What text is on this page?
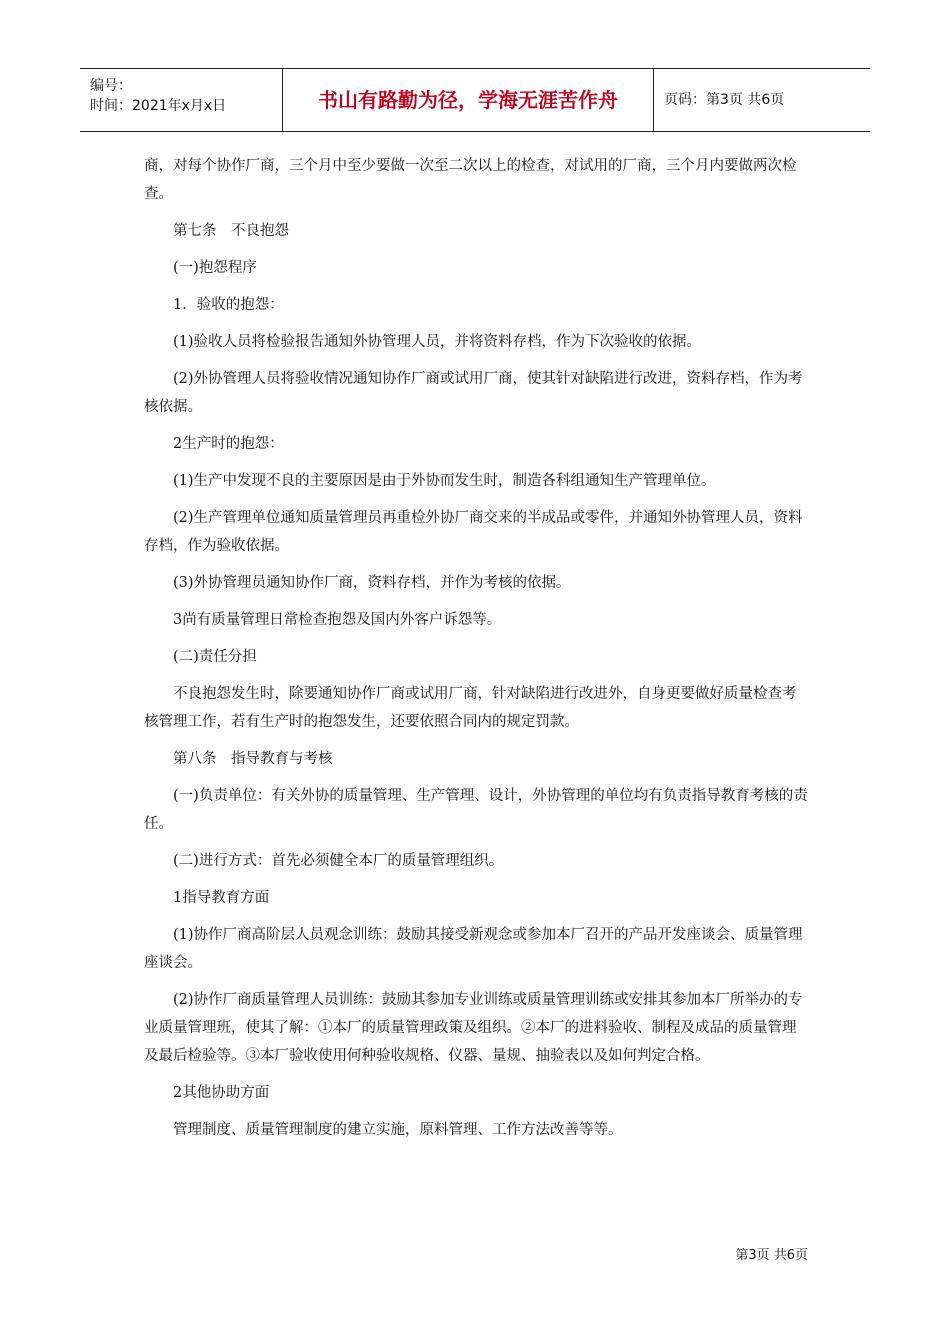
编号：
时间：2021年x月x日	书山有路勤为径，学海无涯苦作舟	页码：第3页 共6页

商，对每个协作厂商，三个月中至少要做一次至二次以上的检查，对试用的厂商，三个月内要做两次检查。

第七条　不良抱怨

(一)抱怨程序

1．验收的抱怨：

(1)验收人员将检验报告通知外协管理人员，并将资料存档，作为下次验收的依据。

(2)外协管理人员将验收情况通知协作厂商或试用厂商，使其针对缺陷进行改进，资料存档，作为考核依据。

2生产时的抱怨：

(1)生产中发现不良的主要原因是由于外协而发生时，制造各科组通知生产管理单位。

(2)生产管理单位通知质量管理员再重检外协厂商交来的半成品或零件，并通知外协管理人员，资料存档，作为验收依据。

(3)外协管理员通知协作厂商，资料存档，并作为考核的依据。

3尚有质量管理日常检查抱怨及国内外客户诉怨等。

(二)责任分担

不良抱怨发生时，除要通知协作厂商或试用厂商，针对缺陷进行改进外，自身更要做好质量检查考核管理工作，若有生产时的抱怨发生，还要依照合同内的规定罚款。

第八条　指导教育与考核

(一)负责单位：有关外协的质量管理、生产管理、设计，外协管理的单位均有负责指导教育考核的责任。

(二)进行方式：首先必须健全本厂的质量管理组织。

1指导教育方面

(1)协作厂商高阶层人员观念训练：鼓励其接受新观念或参加本厂召开的产品开发座谈会、质量管理座谈会。

(2)协作厂商质量管理人员训练：鼓励其参加专业训练或质量管理训练或安排其参加本厂所举办的专业质量管理班，使其了解：①本厂的质量管理政策及组织。②本厂的进料验收、制程及成品的质量管理及最后检验等。③本厂验收使用何种验收规格、仪器、量规、抽验表以及如何判定合格。

2其他协助方面

管理制度、质量管理制度的建立实施，原料管理、工作方法改善等等。

第3页 共6页
